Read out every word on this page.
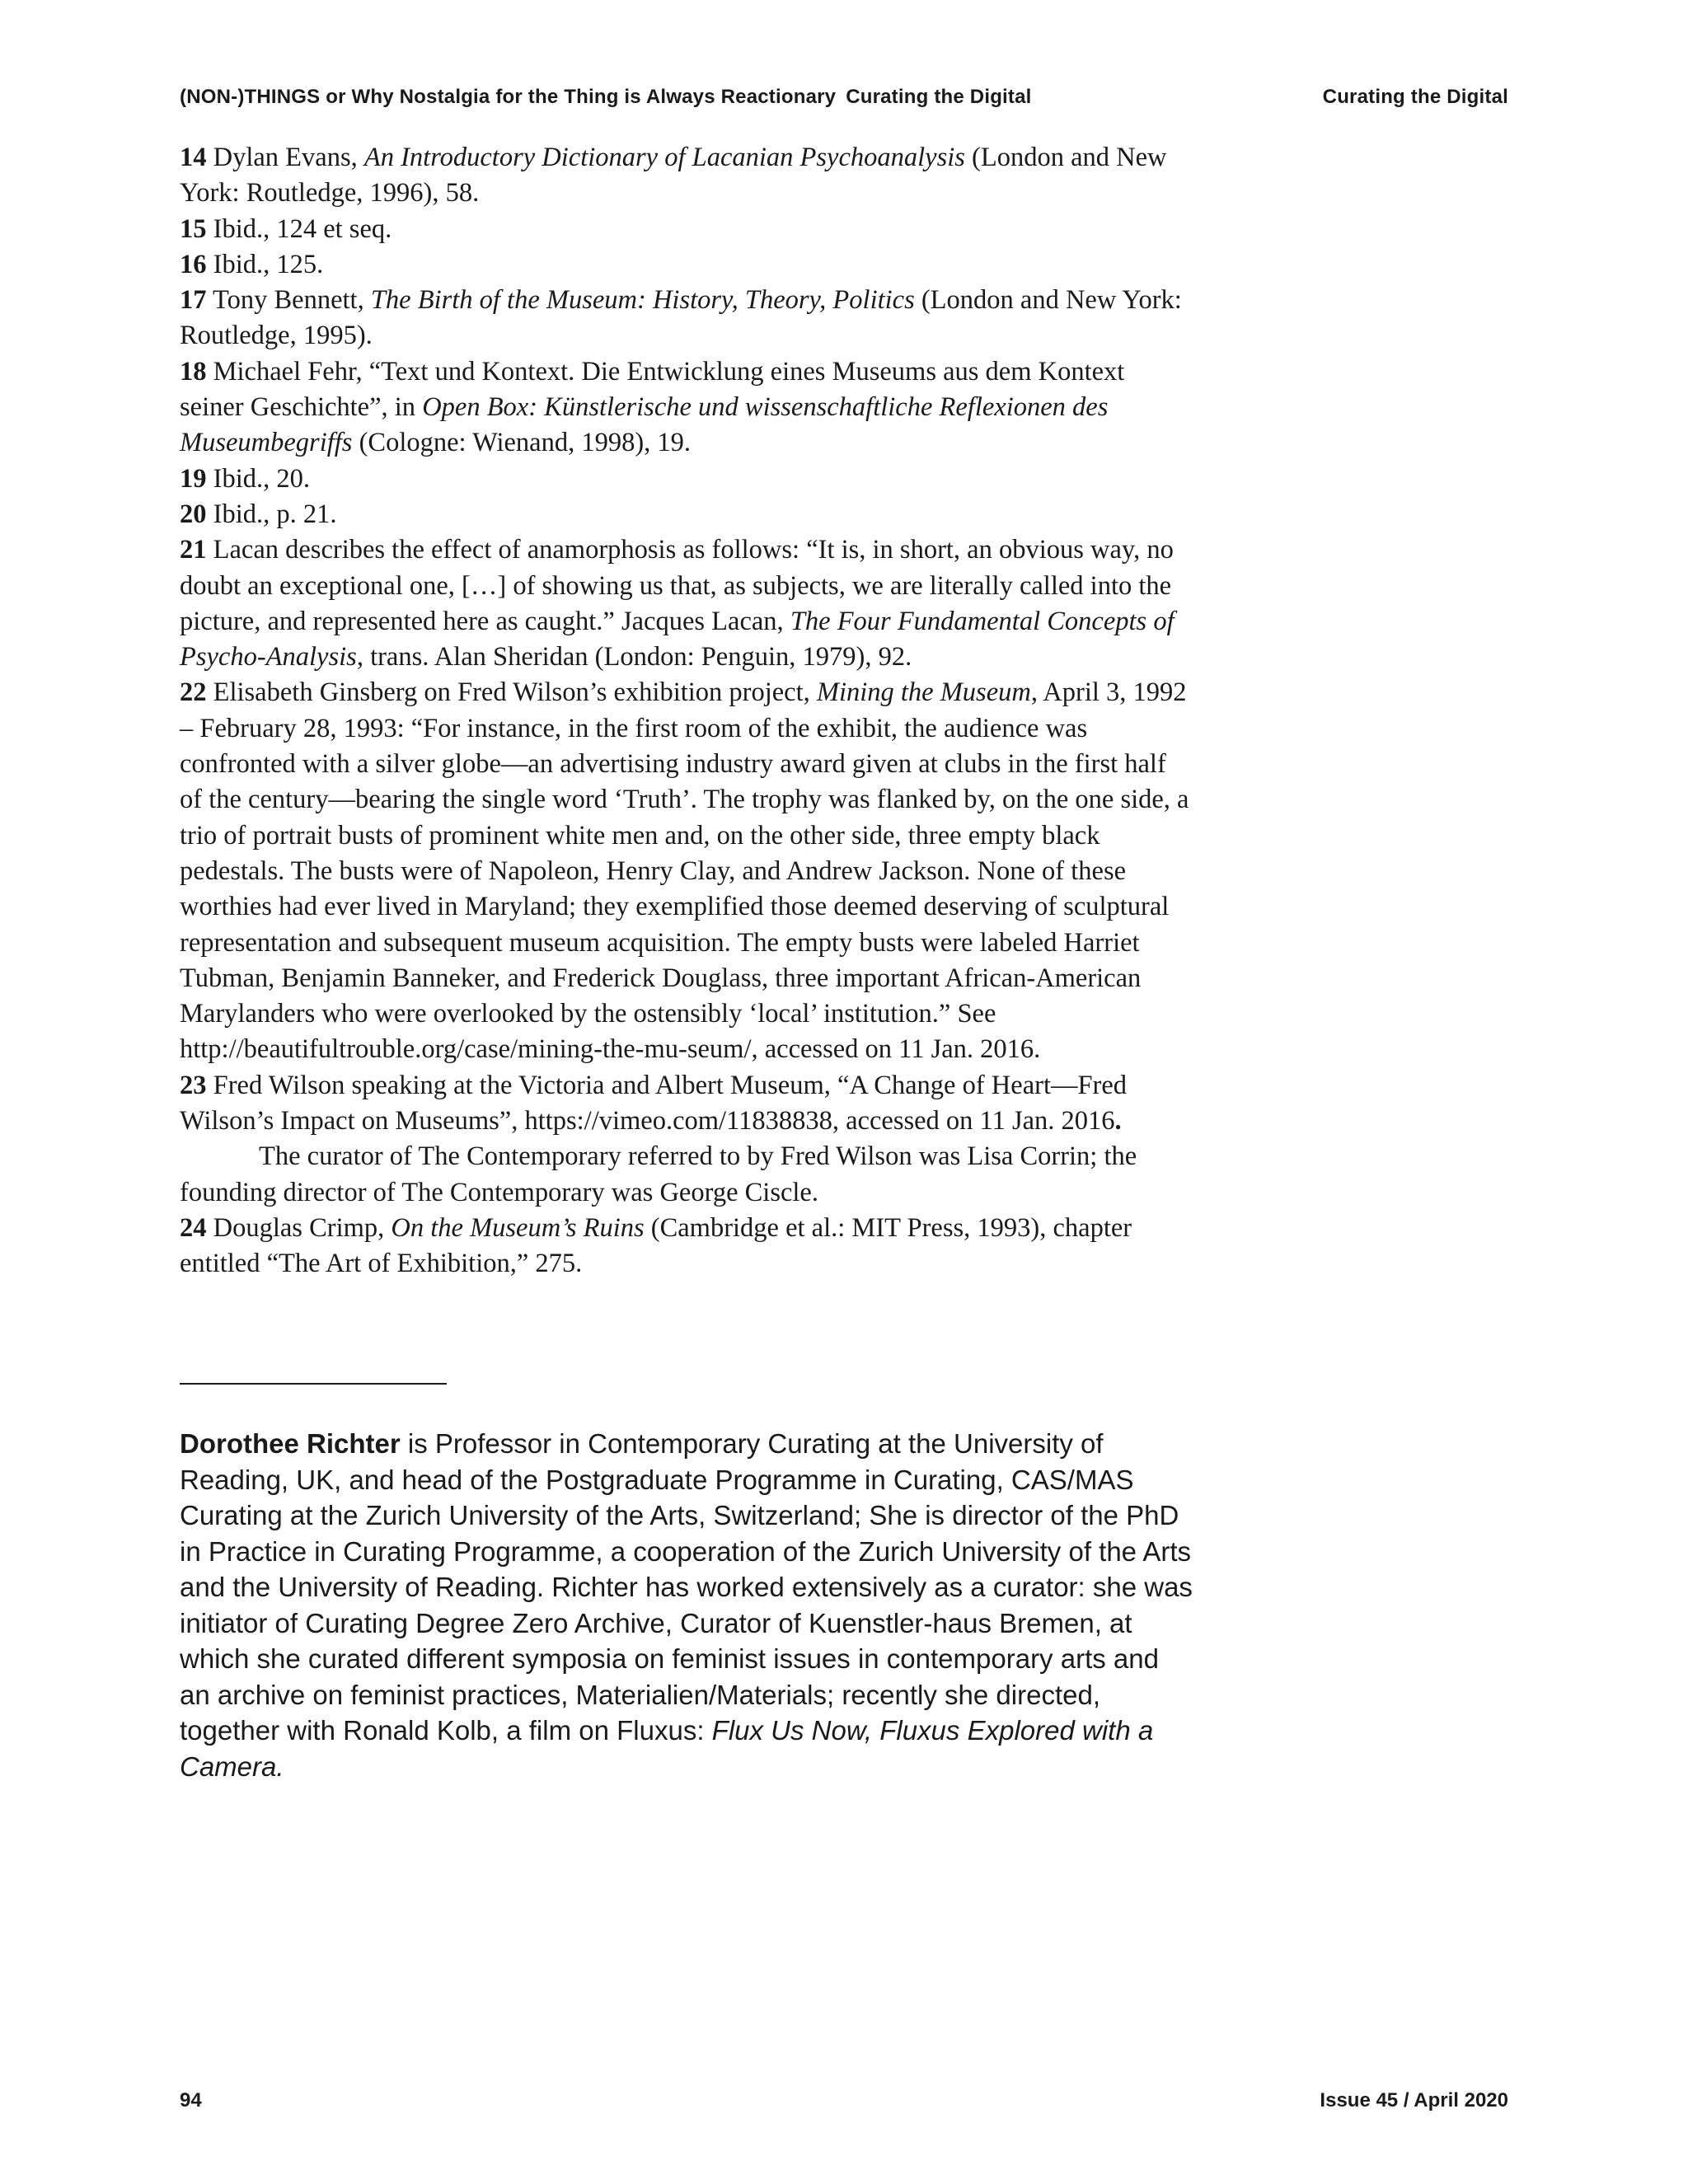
(NON-)THINGS or Why Nostalgia for the Thing is Always Reactionary Curating the Digital	Curating the Digital

14 Dylan Evans, An Introductory Dictionary of Lacanian Psychoanalysis (London and New York: Routledge, 1996), 58.

15 Ibid., 124 et seq.

16 Ibid., 125.

17 Tony Bennett, The Birth of the Museum: History, Theory, Politics (London and New York: Routledge, 1995).

18 Michael Fehr, “Text und Kontext. Die Entwicklung eines Museums aus dem Kontext seiner Geschichte”, in Open Box: Künstlerische und wissenschaftliche Reflexionen des Museumbegriffs (Cologne: Wienand, 1998), 19.

19 Ibid., 20.

20 Ibid., p. 21.

21 Lacan describes the effect of anamorphosis as follows: “It is, in short, an obvious way, no doubt an exceptional one, […] of showing us that, as subjects, we are literally called into the picture, and represented here as caught.” Jacques Lacan, The Four Fundamental Concepts of Psycho-Analysis, trans. Alan Sheridan (London: Penguin, 1979), 92.

22 Elisabeth Ginsberg on Fred Wilson’s exhibition project, Mining the Museum, April 3, 1992 – February 28, 1993: “For instance, in the first room of the exhibit, the audience was confronted with a silver globe—an advertising industry award given at clubs in the first half of the century—bearing the single word ‘Truth’. The trophy was flanked by, on the one side, a trio of portrait busts of prominent white men and, on the other side, three empty black pedestals. The busts were of Napoleon, Henry Clay, and Andrew Jackson. None of these worthies had ever lived in Maryland; they exemplified those deemed deserving of sculptural representation and subsequent museum acquisition. The empty busts were labeled Harriet Tubman, Benjamin Banneker, and Frederick Douglass, three important African-American Marylanders who were overlooked by the ostensibly ‘local’ institution.” See http://beautifultrouble.org/case/mining-the-mu-seum/, accessed on 11 Jan. 2016.

23 Fred Wilson speaking at the Victoria and Albert Museum, “A Change of Heart—Fred Wilson’s Impact on Museums”, https://vimeo.com/11838838, accessed on 11 Jan. 2016.
The curator of The Contemporary referred to by Fred Wilson was Lisa Corrin; the founding director of The Contemporary was George Ciscle.

24 Douglas Crimp, On the Museum’s Ruins (Cambridge et al.: MIT Press, 1993), chapter entitled “The Art of Exhibition,” 275.

Dorothee Richter is Professor in Contemporary Curating at the University of Reading, UK, and head of the Postgraduate Programme in Curating, CAS/MAS Curating at the Zurich University of the Arts, Switzerland; She is director of the PhD in Practice in Curating Programme, a cooperation of the Zurich University of the Arts and the University of Reading. Richter has worked extensively as a curator: she was initiator of Curating Degree Zero Archive, Curator of Kuenstler-haus Bremen, at which she curated different symposia on feminist issues in contemporary arts and an archive on feminist practices, Materialien/Materials; recently she directed, together with Ronald Kolb, a film on Fluxus: Flux Us Now, Fluxus Explored with a Camera.
94	Issue 45 / April 2020
